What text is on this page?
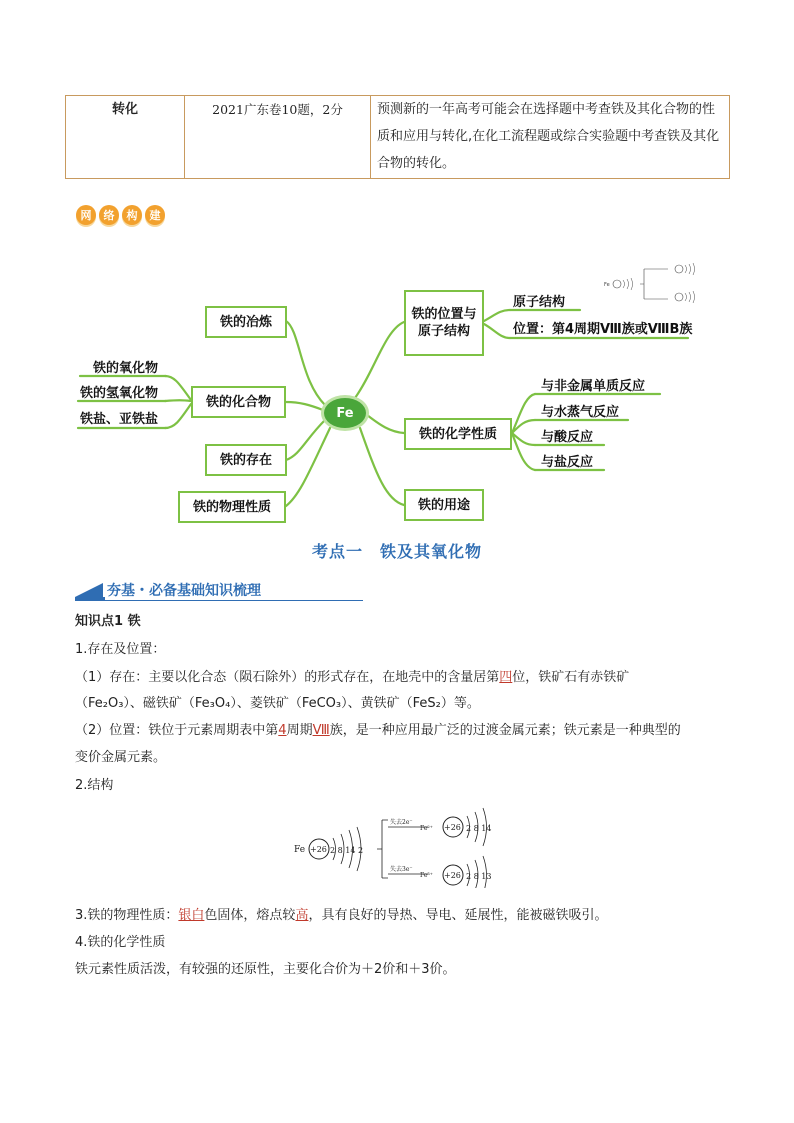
转化	2021广东卷10题，2分	预测新的一年高考可能会在选择题中考查铁及其化合物的性质和应用与转化,在化工流程题或综合实验题中考查铁及其化合物的转化。
网	络	构	建
Fe
铁的冶炼
铁的化合物
铁的氧化物
铁的氢氧化物
铁盐、亚铁盐
铁的存在
铁的物理性质
Fe
铁的位置与原子结构
原子结构
位置：第4周期Ⅷ族或ⅧB族
铁的化学性质
与非金属单质反应
与水蒸气反应
与酸反应
与盐反应
铁的用途
考点一　铁及其氧化物
夯基・必备基础知识梳理
知识点1 铁
1.存在及位置：
（1）存在：主要以化合态（陨石除外）的形式存在，在地壳中的含量居第四位，铁矿石有赤铁矿
（Fe₂O₃）、磁铁矿（Fe₃O₄）、菱铁矿（FeCO₃）、黄铁矿（FeS₂）等。
（2）位置：铁位于元素周期表中第4周期Ⅷ族，是一种应用最广泛的过渡金属元素；铁元素是一种典型的
变价金属元素。
2.结构
Fe +26 2 8 14 2
失去2e⁻
失去3e⁻
Fe²⁺
Fe³⁺
+26
+26
2 8 14
2 8 13
3.铁的物理性质：银白色固体，熔点较高，具有良好的导热、导电、延展性，能被磁铁吸引。
4.铁的化学性质
铁元素性质活泼，有较强的还原性，主要化合价为＋2价和＋3价。
